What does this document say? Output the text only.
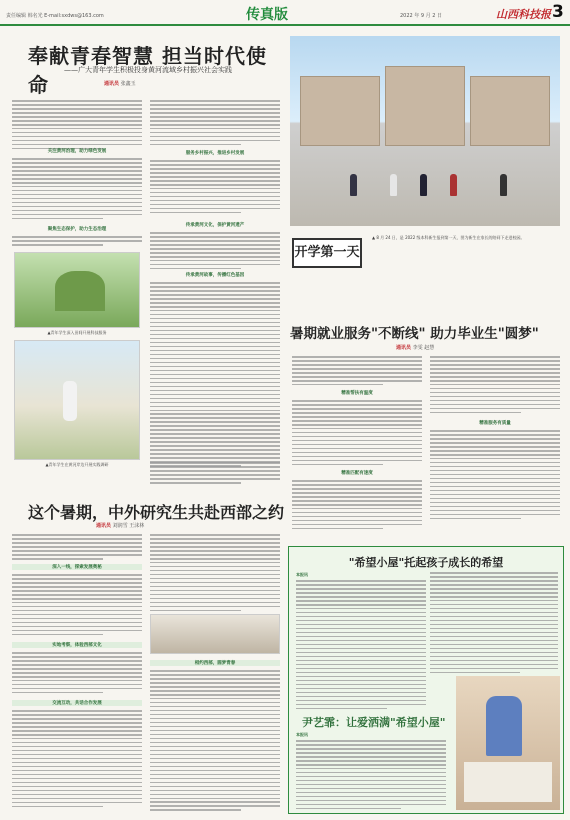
责任编辑 韩名光 E-mail:sxdws@163.com	传真版	2022 年 9 月 2 日	山西科技报 3
奉献青春智慧 担当时代使命
——广大青年学生积极投身黄河流域乡村振兴社会实践
通讯员 张鑫玉
关注黄河治理，助力绿色发展
聚焦生态保护，助力生态治理
服务乡村振兴，推进乡村发展
传承黄河文化，保护黄河遗产
传承黄河故事，传播红色基因
▲青年学生深入田间开展科技服务
▲青年学生在黄河岸边开展实践调研
开学第一天
▲ 8 月 24 日，是 2022 级本科新生报到第一天，图为新生在家长的陪同下走进校园。
暑期就业服务"不断线" 助力毕业生"圆梦"
通讯员 李雯 赵慧
精准帮扶有温度
精准匹配有速度
精准服务有质量
这个暑期，中外研究生共赴西部之约
通讯员 刘润雪 王沫林
深入一线，探索发展奥秘
实地考察，体验西部文化
交流互动，共话合作发展
相约西部，圆梦青春
"希望小屋"托起孩子成长的希望
本报讯
尹艺霏：让爱洒满"希望小屋"
本报讯
